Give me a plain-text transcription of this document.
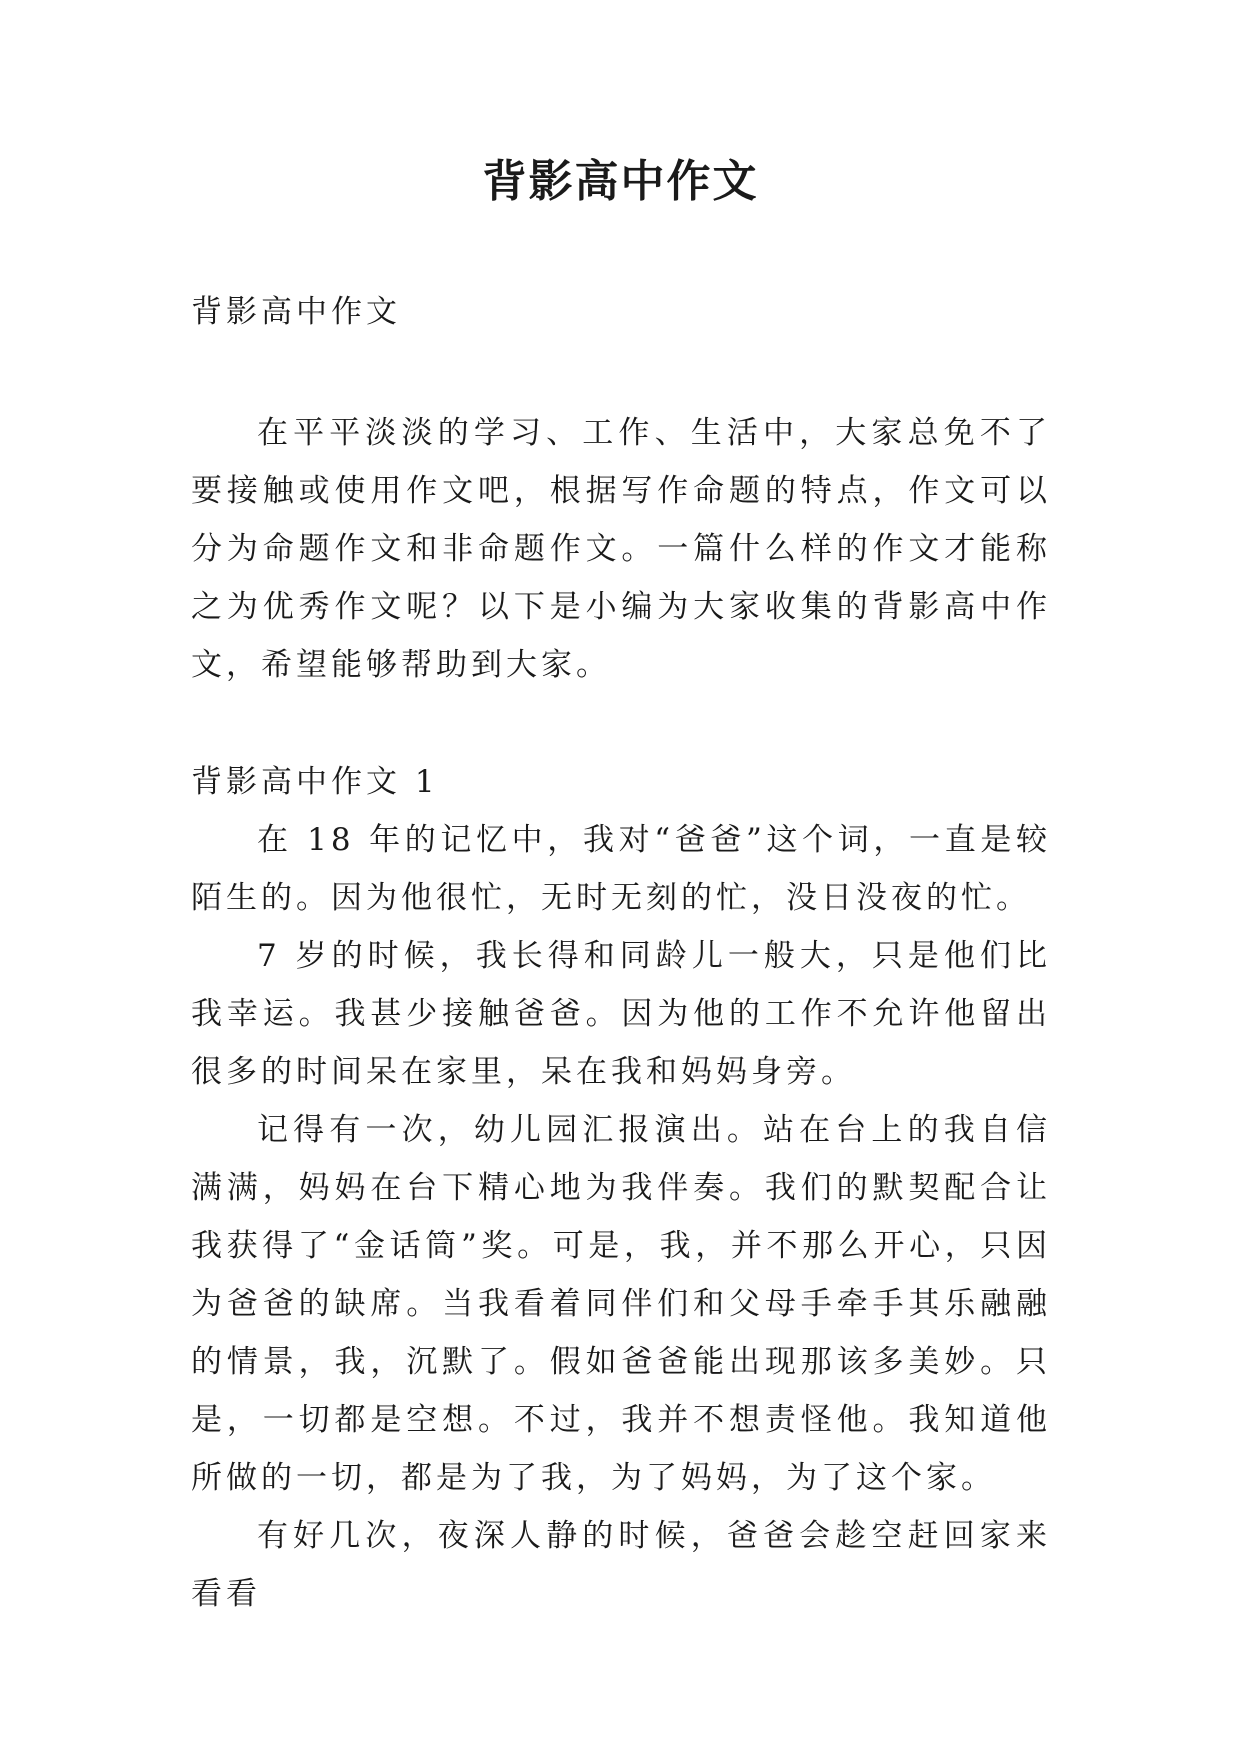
背影高中作文

背影高中作文

在平平淡淡的学习、工作、生活中，大家总免不了要接触或使用作文吧，根据写作命题的特点，作文可以分为命题作文和非命题作文。一篇什么样的作文才能称之为优秀作文呢？以下是小编为大家收集的背影高中作文，希望能够帮助到大家。

背影高中作文 1

在 18 年的记忆中，我对“爸爸”这个词，一直是较陌生的。因为他很忙，无时无刻的忙，没日没夜的忙。

7 岁的时候，我长得和同龄儿一般大，只是他们比我幸运。我甚少接触爸爸。因为他的工作不允许他留出很多的时间呆在家里，呆在我和妈妈身旁。

记得有一次，幼儿园汇报演出。站在台上的我自信满满，妈妈在台下精心地为我伴奏。我们的默契配合让我获得了“金话筒”奖。可是，我，并不那么开心，只因为爸爸的缺席。当我看着同伴们和父母手牵手其乐融融的情景，我，沉默了。假如爸爸能出现那该多美妙。只是，一切都是空想。不过，我并不想责怪他。我知道他所做的一切，都是为了我，为了妈妈，为了这个家。

有好几次，夜深人静的时候，爸爸会趁空赶回家来看看
